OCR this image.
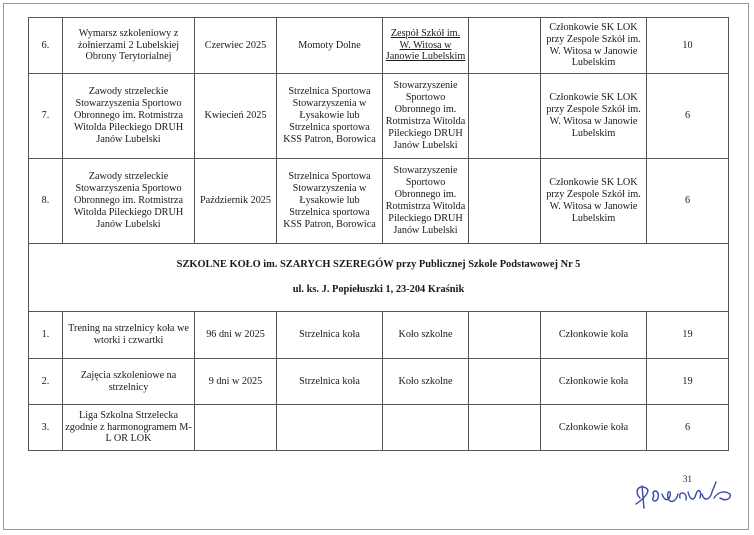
6.	Wymarsz szkoleniowy z żołnierzami 2 Lubelskiej Obrony Terytorialnej	Czerwiec 2025	Momoty Dolne	Zespół Szkół im. W. Witosa w Janowie Lubelskim		Członkowie SK LOK przy Zespole Szkół im. W. Witosa w Janowie Lubelskim	10
7.	Zawody strzeleckie Stowarzyszenia Sportowo Obronnego im. Rotmistrza Witolda Pileckiego DRUH Janów Lubelski	Kwiecień 2025	Strzelnica Sportowa Stowarzyszenia w Łysakowie lub Strzelnica sportowa KSS Patron, Borowica	Stowarzyszenie Sportowo Obronnego im. Rotmistrza Witolda Pileckiego DRUH Janów Lubelski		Członkowie SK LOK przy Zespole Szkół im. W. Witosa w Janowie Lubelskim	6
8.	Zawody strzeleckie Stowarzyszenia Sportowo Obronnego im. Rotmistrza Witolda Pileckiego DRUH Janów Lubelski	Październik 2025	Strzelnica Sportowa Stowarzyszenia w Łysakowie lub Strzelnica sportowa KSS Patron, Borowica	Stowarzyszenie Sportowo Obronnego im. Rotmistrza Witolda Pileckiego DRUH Janów Lubelski		Członkowie SK LOK przy Zespole Szkół im. W. Witosa w Janowie Lubelskim	6

SZKOLNE KOŁO im. SZARYCH SZEREGÓW przy Publicznej Szkole Podstawowej Nr 5

ul. ks. J. Popiełuszki 1, 23-204 Kraśnik							

1.	Trening na strzelnicy koła we wtorki i czwartki	96 dni w 2025	Strzelnica koła	Koło szkolne		Członkowie koła	19
2.	Zajęcia szkoleniowe na strzelnicy	9 dni w 2025	Strzelnica koła	Koło szkolne		Członkowie koła	19
3.	Liga Szkolna Strzelecka zgodnie z harmonogramem M-L OR LOK					Członkowie koła	6
31
